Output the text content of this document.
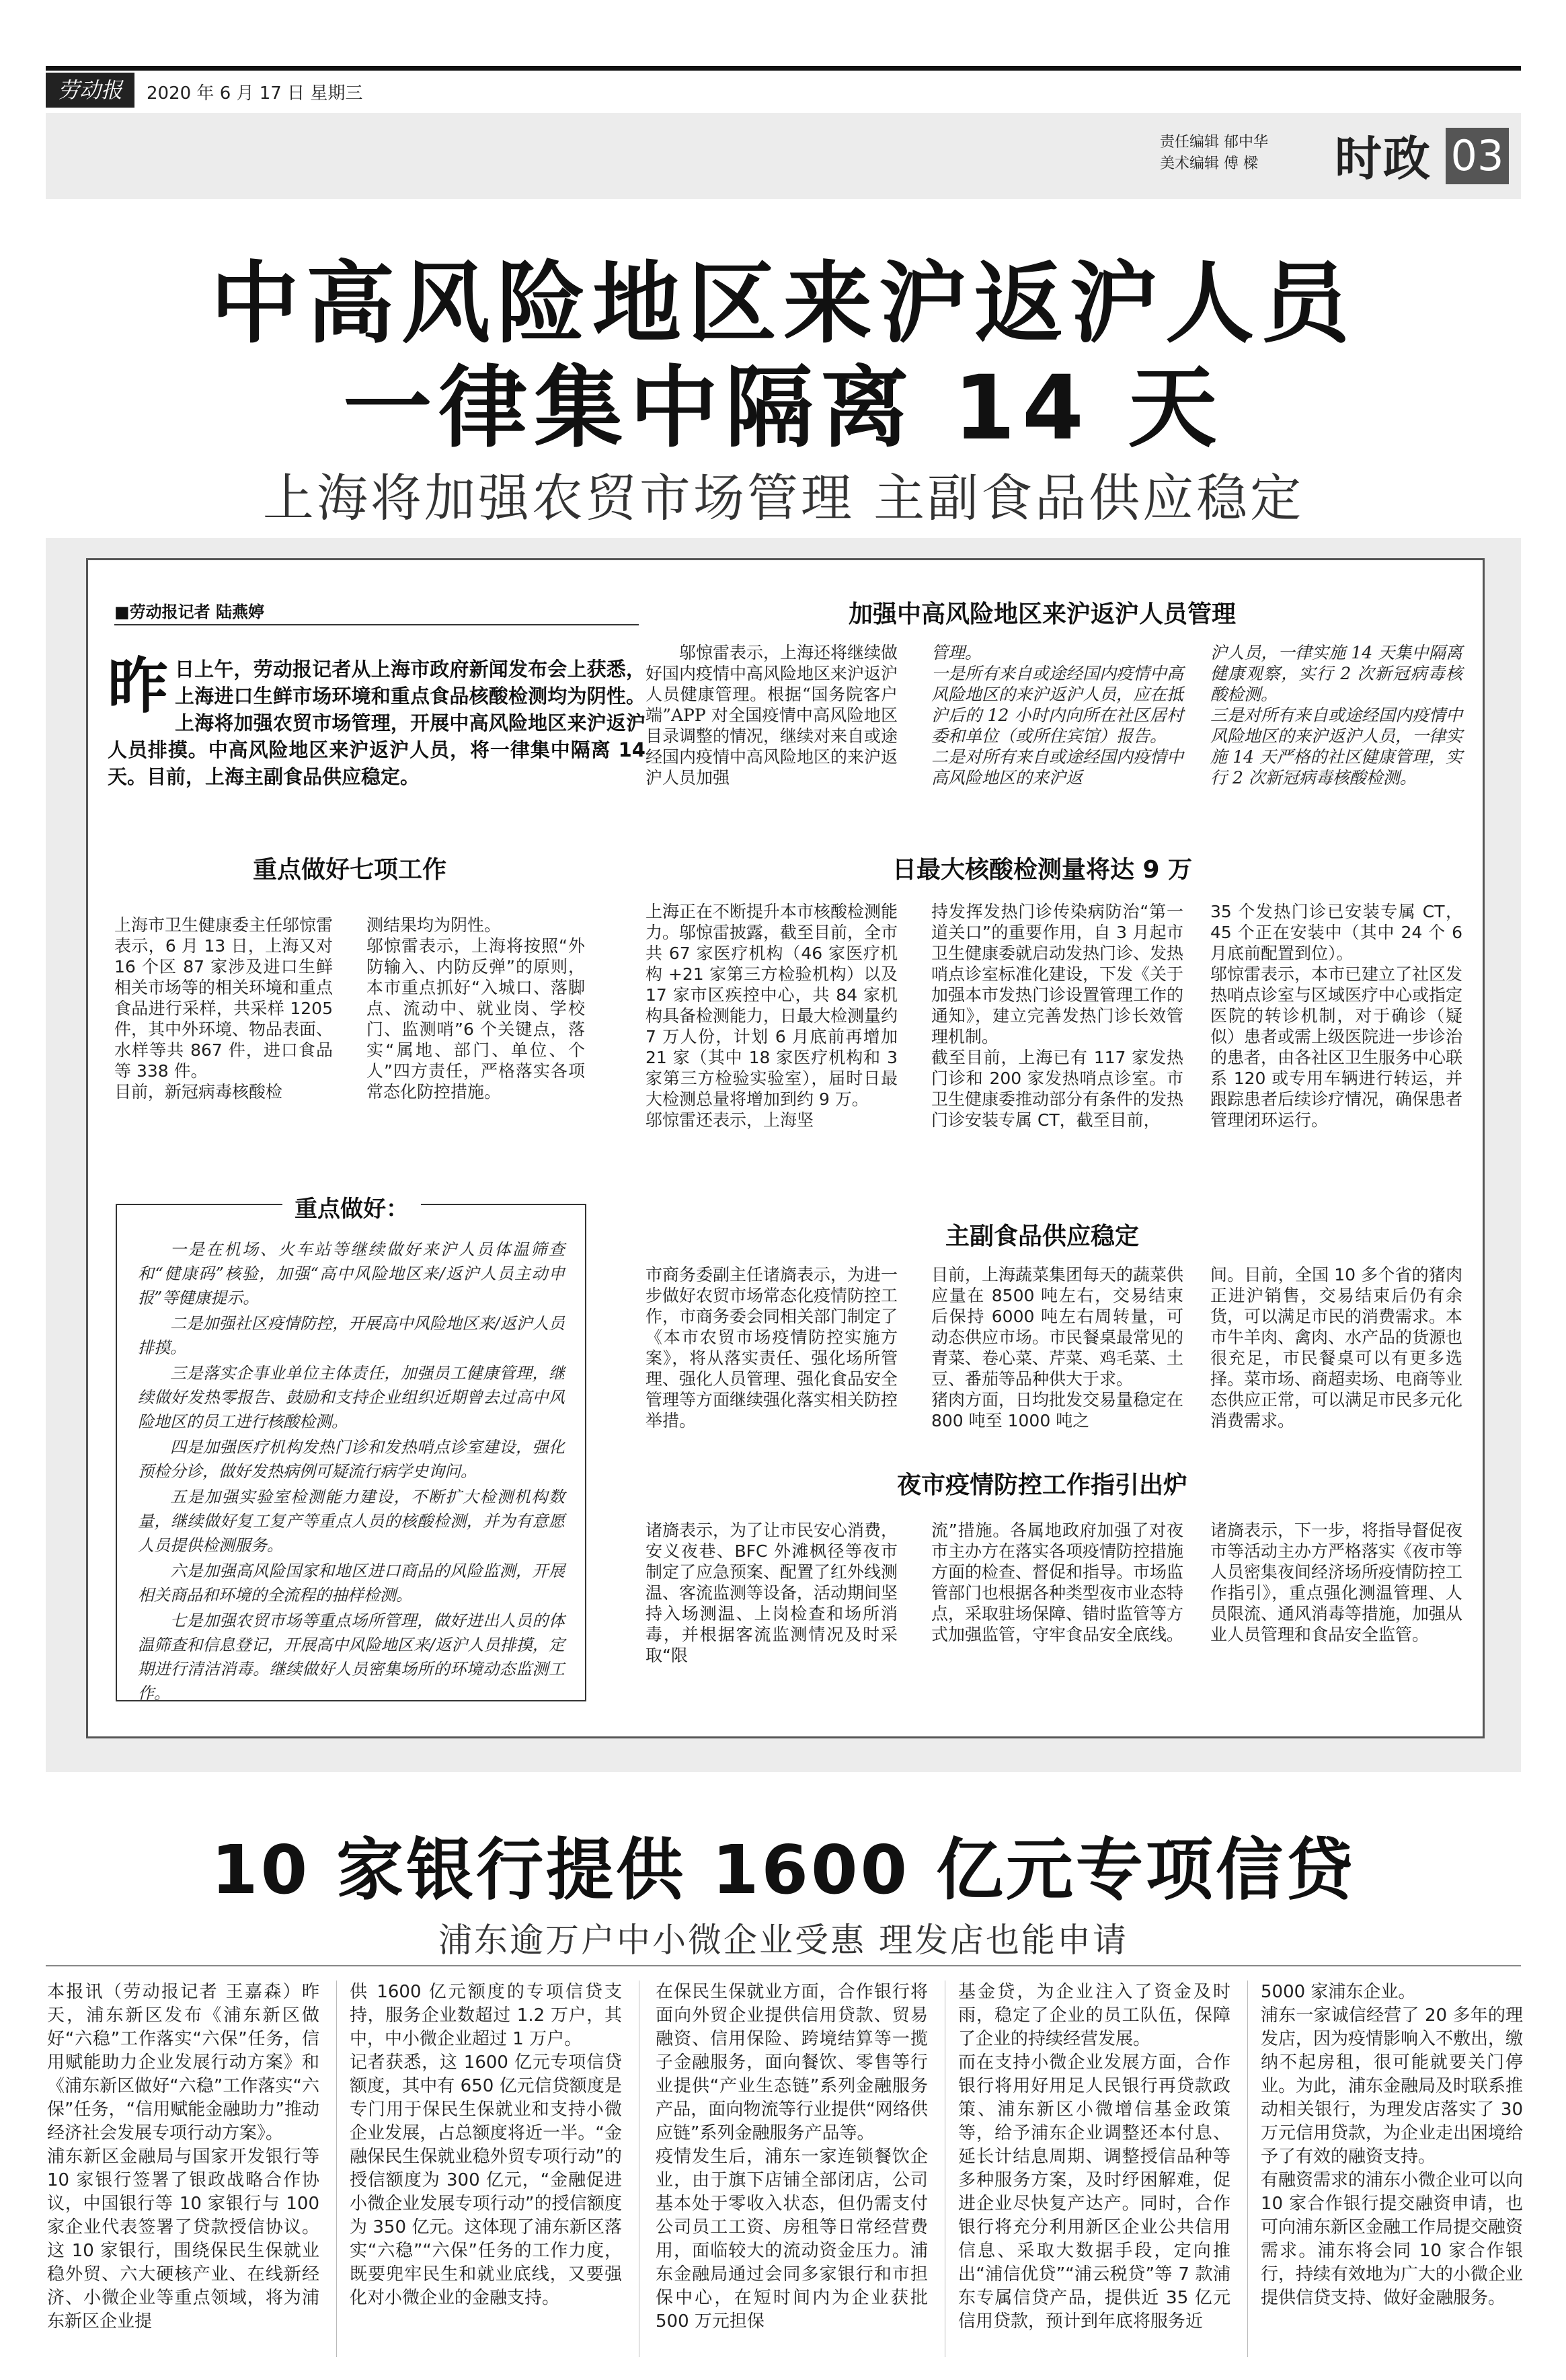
劳动报	2020 年 6 月 17 日 星期三
责任编辑 郁中华
美术编辑 傅 樑 时政 03
中高风险地区来沪返沪人员
一律集中隔离 14 天
上海将加强农贸市场管理 主副食品供应稳定
■劳动报记者 陆燕婷
昨日上午，劳动报记者从上海市政府新闻发布会上获悉，上海进口生鲜市场环境和重点食品核酸检测均为阴性。上海将加强农贸市场管理，开展中高风险地区来沪返沪人员排摸。中高风险地区来沪返沪人员，将一律集中隔离 14 天。目前，上海主副食品供应稳定。
重点做好七项工作
上海市卫生健康委主任邬惊雷表示，6 月 13 日，上海又对 16 个区 87 家涉及进口生鲜相关市场等的相关环境和重点食品进行采样，共采样 1205 件，其中外环境、物品表面、水样等共 867 件，进口食品等 338 件。
目前，新冠病毒核酸检
测结果均为阴性。
邬惊雷表示，上海将按照“外防输入、内防反弹”的原则，本市重点抓好“入城口、落脚点、流动中、就业岗、学校门、监测哨”6 个关键点，落实“属地、部门、单位、个人”四方责任，严格落实各项常态化防控措施。
重点做好：

一是在机场、火车站等继续做好来沪人员体温筛查和“健康码”核验，加强“高中风险地区来/返沪人员主动申报”等健康提示。

二是加强社区疫情防控，开展高中风险地区来/返沪人员排摸。

三是落实企事业单位主体责任，加强员工健康管理，继续做好发热零报告、鼓励和支持企业组织近期曾去过高中风险地区的员工进行核酸检测。

四是加强医疗机构发热门诊和发热哨点诊室建设，强化预检分诊，做好发热病例可疑流行病学史询问。

五是加强实验室检测能力建设，不断扩大检测机构数量，继续做好复工复产等重点人员的核酸检测，并为有意愿人员提供检测服务。

六是加强高风险国家和地区进口商品的风险监测，开展相关商品和环境的全流程的抽样检测。

七是加强农贸市场等重点场所管理，做好进出人员的体温筛查和信息登记，开展高中风险地区来/返沪人员排摸，定期进行清洁消毒。继续做好人员密集场所的环境动态监测工作。

加强中高风险地区来沪返沪人员管理
邬惊雷表示，上海还将继续做好国内疫情中高风险地区来沪返沪人员健康管理。根据“国务院客户端”APP 对全国疫情中高风险地区目录调整的情况，继续对来自或途经国内疫情中高风险地区的来沪返沪人员加强
管理。
一是所有来自或途经国内疫情中高风险地区的来沪返沪人员，应在抵沪后的 12 小时内向所在社区居村委和单位（或所住宾馆）报告。
二是对所有来自或途经国内疫情中高风险地区的来沪返
沪人员，一律实施 14 天集中隔离健康观察，实行 2 次新冠病毒核酸检测。
三是对所有来自或途经国内疫情中风险地区的来沪返沪人员，一律实施 14 天严格的社区健康管理，实行 2 次新冠病毒核酸检测。
日最大核酸检测量将达 9 万
上海正在不断提升本市核酸检测能力。邬惊雷披露，截至目前，全市共 67 家医疗机构（46 家医疗机构 +21 家第三方检验机构）以及 17 家市区疾控中心，共 84 家机构具备检测能力，日最大检测量约 7 万人份，计划 6 月底前再增加 21 家（其中 18 家医疗机构和 3 家第三方检验实验室），届时日最大检测总量将增加到约 9 万。
邬惊雷还表示，上海坚
持发挥发热门诊传染病防治“第一道关口”的重要作用，自 3 月起市卫生健康委就启动发热门诊、发热哨点诊室标准化建设，下发《关于加强本市发热门诊设置管理工作的通知》，建立完善发热门诊长效管理机制。
截至目前，上海已有 117 家发热门诊和 200 家发热哨点诊室。市卫生健康委推动部分有条件的发热门诊安装专属 CT，截至目前，
35 个发热门诊已安装专属 CT，45 个正在安装中（其中 24 个 6 月底前配置到位）。
邬惊雷表示，本市已建立了社区发热哨点诊室与区域医疗中心或指定医院的转诊机制，对于确诊（疑似）患者或需上级医院进一步诊治的患者，由各社区卫生服务中心联系 120 或专用车辆进行转运，并跟踪患者后续诊疗情况，确保患者管理闭环运行。
主副食品供应稳定
市商务委副主任诸旖表示，为进一步做好农贸市场常态化疫情防控工作，市商务委会同相关部门制定了《本市农贸市场疫情防控实施方案》，将从落实责任、强化场所管理、强化人员管理、强化食品安全管理等方面继续强化落实相关防控举措。
目前，上海蔬菜集团每天的蔬菜供应量在 8500 吨左右，交易结束后保持 6000 吨左右周转量，可动态供应市场。市民餐桌最常见的青菜、卷心菜、芹菜、鸡毛菜、土豆、番茄等品种供大于求。
猪肉方面，日均批发交易量稳定在 800 吨至 1000 吨之
间。目前，全国 10 多个省的猪肉正进沪销售，交易结束后仍有余货，可以满足市民的消费需求。本市牛羊肉、禽肉、水产品的货源也很充足，市民餐桌可以有更多选择。菜市场、商超卖场、电商等业态供应正常，可以满足市民多元化消费需求。
夜市疫情防控工作指引出炉
诸旖表示，为了让市民安心消费，安义夜巷、BFC 外滩枫径等夜市制定了应急预案、配置了红外线测温、客流监测等设备，活动期间坚持入场测温、上岗检查和场所消毒，并根据客流监测情况及时采取“限
流”措施。各属地政府加强了对夜市主办方在落实各项疫情防控措施方面的检查、督促和指导。市场监管部门也根据各种类型夜市业态特点，采取驻场保障、错时监管等方式加强监管，守牢食品安全底线。
诸旖表示，下一步，将指导督促夜市等活动主办方严格落实《夜市等人员密集夜间经济场所疫情防控工作指引》，重点强化测温管理、人员限流、通风消毒等措施，加强从业人员管理和食品安全监管。
10 家银行提供 1600 亿元专项信贷
浦东逾万户中小微企业受惠 理发店也能申请
本报讯（劳动报记者 王嘉森）昨天，浦东新区发布《浦东新区做好“六稳”工作落实“六保”任务，信用赋能助力企业发展行动方案》和《浦东新区做好“六稳”工作落实“六保”任务，“信用赋能金融助力”推动经济社会发展专项行动方案》。
浦东新区金融局与国家开发银行等 10 家银行签署了银政战略合作协议，中国银行等 10 家银行与 100 家企业代表签署了贷款授信协议。这 10 家银行，围绕保民生保就业稳外贸、六大硬核产业、在线新经济、小微企业等重点领域，将为浦东新区企业提
供 1600 亿元额度的专项信贷支持，服务企业数超过 1.2 万户，其中，中小微企业超过 1 万户。
记者获悉，这 1600 亿元专项信贷额度，其中有 650 亿元信贷额度是专门用于保民生保就业和支持小微企业发展，占总额度将近一半。“金融保民生保就业稳外贸专项行动”的授信额度为 300 亿元，“金融促进小微企业发展专项行动”的授信额度为 350 亿元。这体现了浦东新区落实“六稳”“六保”任务的工作力度，既要兜牢民生和就业底线，又要强化对小微企业的金融支持。
在保民生保就业方面，合作银行将面向外贸企业提供信用贷款、贸易融资、信用保险、跨境结算等一揽子金融服务，面向餐饮、零售等行业提供“产业生态链”系列金融服务产品，面向物流等行业提供“网络供应链”系列金融服务产品等。
疫情发生后，浦东一家连锁餐饮企业，由于旗下店铺全部闭店，公司基本处于零收入状态，但仍需支付公司员工工资、房租等日常经营费用，面临较大的流动资金压力。浦东金融局通过会同多家银行和市担保中心，在短时间内为企业获批 500 万元担保
基金贷，为企业注入了资金及时雨，稳定了企业的员工队伍，保障了企业的持续经营发展。
而在支持小微企业发展方面，合作银行将用好用足人民银行再贷款政策、浦东新区小微增信基金政策等，给予浦东企业调整还本付息、延长计结息周期、调整授信品种等多种服务方案，及时纾困解难，促进企业尽快复产达产。同时，合作银行将充分利用新区企业公共信用信息、采取大数据手段，定向推出“浦信优贷”“浦云税贷”等 7 款浦东专属信贷产品，提供近 35 亿元信用贷款，预计到年底将服务近
5000 家浦东企业。
浦东一家诚信经营了 20 多年的理发店，因为疫情影响入不敷出，缴纳不起房租，很可能就要关门停业。为此，浦东金融局及时联系推动相关银行，为理发店落实了 30 万元信用贷款，为企业走出困境给予了有效的融资支持。
有融资需求的浦东小微企业可以向 10 家合作银行提交融资申请，也可向浦东新区金融工作局提交融资需求。浦东将会同 10 家合作银行，持续有效地为广大的小微企业提供信贷支持、做好金融服务。
